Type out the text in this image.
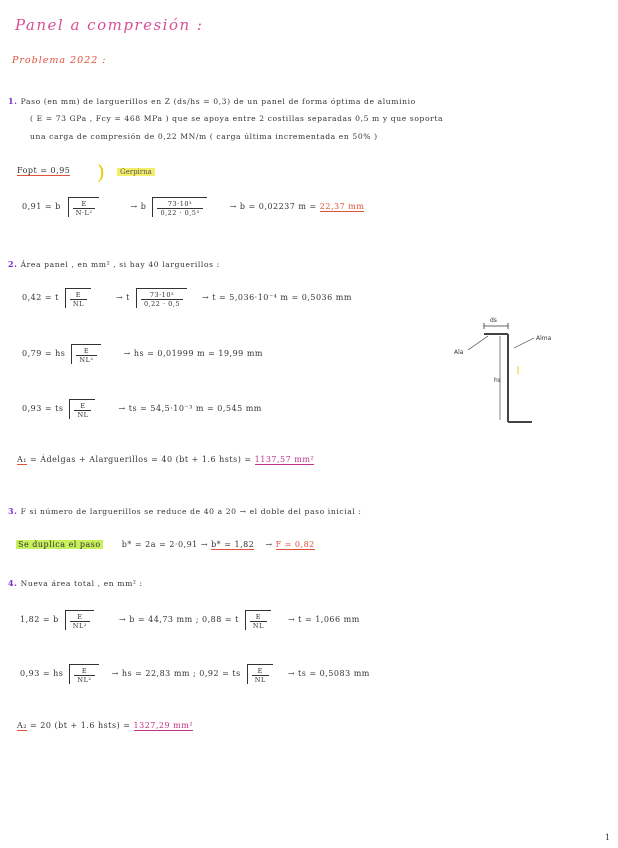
Panel a compresión :
Problema 2022 :
1. Paso (en mm) de larguerillos en Z (ds/hs = 0,3) de un panel de forma óptima de aluminio
( E = 73 GPa , Fcy = 468 MPa ) que se apoya entre 2 costillas separadas 0,5 m y que soporta
una carga de compresión de 0,22 MN/m ( carga última incrementada en 50% )
Fopt = 0,95 )	Gerpirna
0,91 = b $\frac{E}{\text{N·L²}}$	→ b $\frac{\text{73·10³}}{\text{0,22 · 0,5³}}$	→ b = 0,02237 m = 22,37 mm
2. Área panel , en mm² , si hay 40 larguerillos :
0,42 = t $\frac{E}{NL}$	→ t $\frac{\text{73·10³}}{0,22 \cdot 0,5} \to t = 5,036\cdot 10^{-4}$ m = 0,5036 mm
0,79 = hs $\frac{E}{\text{NL²}}$	→ hs = 0,01999 m = 19,99 mm
0,93 = ts $\frac{E}{NL}$	→ ts = 54,5·10⁻³ m = 0,545 mm
ds
hs
Alma
Ala
A₁ = Ádelgas + Alarguerillos = 40 (bt + 1.6 hsts) = 1137,57 mm²
3. F si número de larguerillos se reduce de 40 a 20 → el doble del paso inicial :
Se duplica el paso	b* = 2a = 2·0,91 → b* = 1,82 → F = 0,82
4. Nueva área total , en mm² :
1,82 = b $\frac{E}{\text{NL²}}$	→ b = 44,73 mm ; 0,88 = t $\frac{E}{NL}$	→ t = 1,066 mm
0,93 = hs $\frac{E}{\text{NL²}}$ → hs = 22,83 mm ; 0,92 = ts $\frac{E}{NL}$ → ts = 0,5083 mm
A₂ = 20 (bt + 1.6 hsts) = 1327,29 mm²
1
